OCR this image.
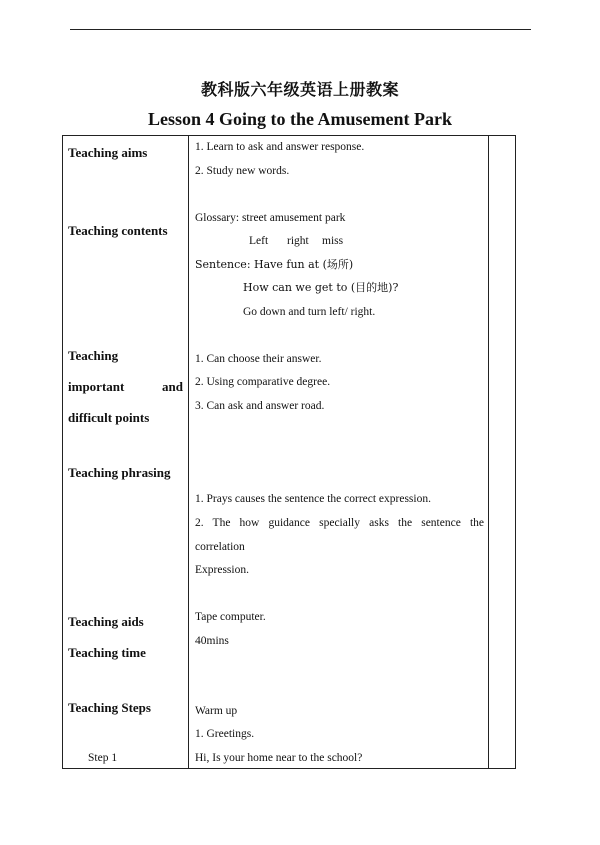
教科版六年级英语上册教案
Lesson 4 Going to the Amusement Park
Teaching aims
Teaching contents
Teaching
important	and
difficult points
Teaching phrasing
Teaching aids
Teaching time
Teaching Steps
Step 1
1. Learn to ask and answer response.
2. Study new words.
Glossary: street amusement park
Left right miss
Sentence: Have fun at (场所)
How can we get to (目的地)?
Go down and turn left/ right.
1. Can choose their answer.
2. Using comparative degree.
3. Can ask and answer road.
1. Prays causes the sentence the correct expression.
2. The how guidance specially asks the sentence the
correlation
Expression.
Tape computer.
40mins
Warm up
1. Greetings.
Hi, Is your home near to the school?
